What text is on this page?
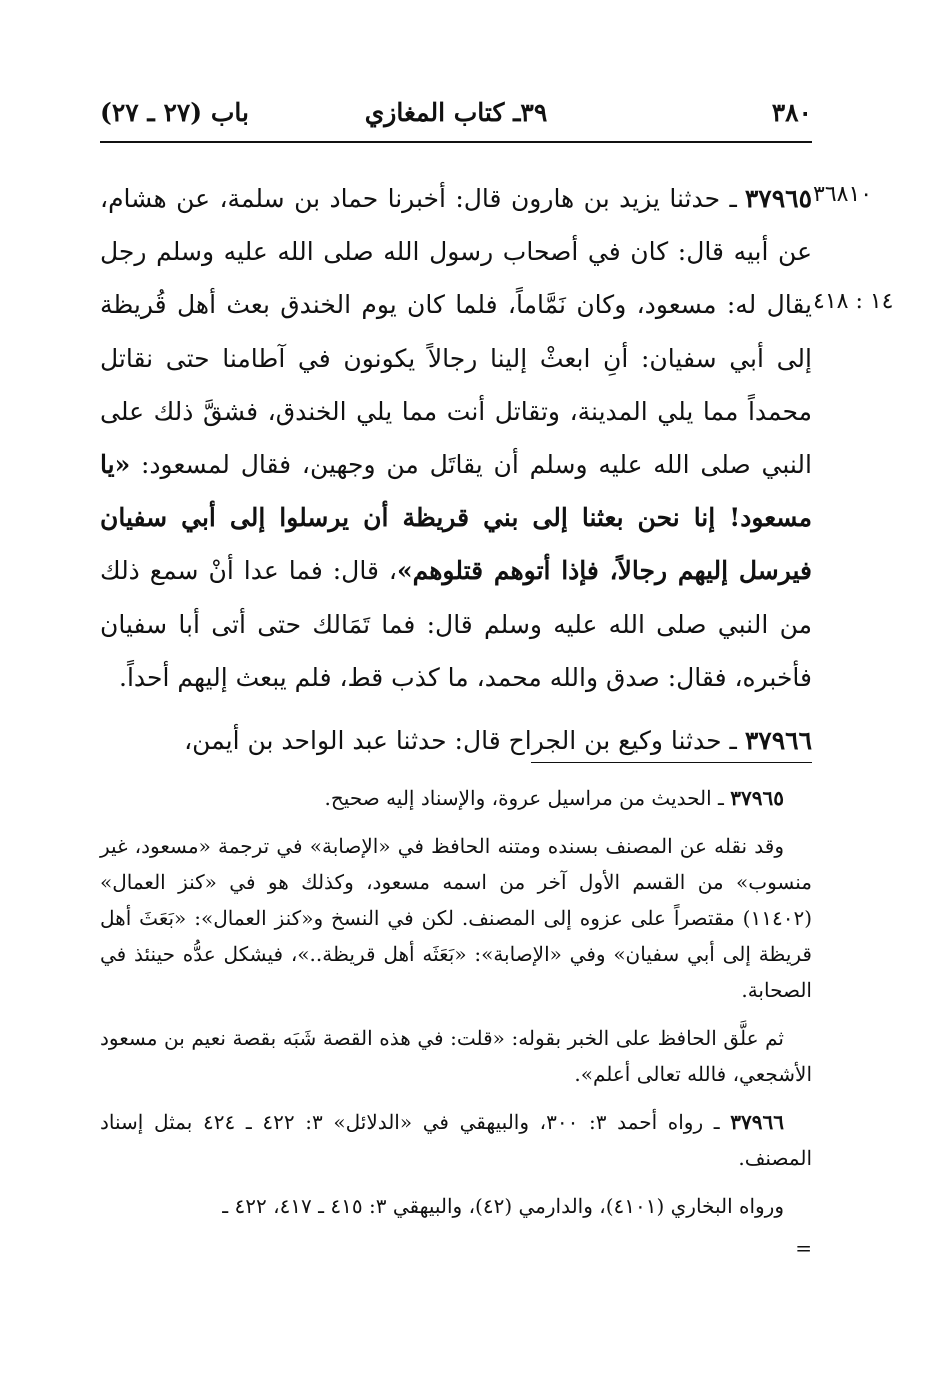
٣٨٠
٣٩ـ كتاب المغازي
باب (٢٧ ـ ٢٧)
٣٦٨١٠
١٤ : ٤١٨

٣٧٩٦٥ـ حدثنا يزيد بن هارون قال: أخبرنا حماد بن سلمة، عن هشام، عن أبيه قال: كان في أصحاب رسول الله صلى الله عليه وسلم رجل يقال له: مسعود، وكان نَمَّاماً، فلما كان يوم الخندق بعث أهل قُريظة إلى أبي سفيان: أنِ ابعثْ إلينا رجالاً يكونون في آطامنا حتى نقاتل محمداً مما يلي المدينة، وتقاتل أنت مما يلي الخندق، فشقَّ ذلك على النبي صلى الله عليه وسلم أن يقاتَل من وجهين، فقال لمسعود: «يا مسعود! إنا نحن بعثنا إلى بني قريظة أن يرسلوا إلى أبي سفيان فيرسل إليهم رجالاً، فإذا أتوهم قتلوهم»، قال: فما عدا أنْ سمع ذلك من النبي صلى الله عليه وسلم قال: فما تَمَالك حتى أتى أبا سفيان فأخبره، فقال: صدق والله محمد، ما كذب قط، فلم يبعث إليهم أحداً.

٣٧٩٦٦ـ حدثنا وكيع بن الجراح قال: حدثنا عبد الواحد بن أيمن،

٣٧٩٦٥ ـ الحديث من مراسيل عروة، والإسناد إليه صحيح.

وقد نقله عن المصنف بسنده ومتنه الحافظ في «الإصابة» في ترجمة «مسعود، غير منسوب» من القسم الأول آخر من اسمه مسعود، وكذلك هو في «كنز العمال» (١١٤٠٢) مقتصراً على عزوه إلى المصنف. لكن في النسخ و«كنز العمال»: «بَعَثَ أهل قريظة إلى أبي سفيان» وفي «الإصابة»: «بَعَثَه أهل قريظة..»، فيشكل عدُّه حينئذ في الصحابة.

ثم علَّق الحافظ على الخبر بقوله: «قلت: في هذه القصة شَبَه بقصة نعيم بن مسعود الأشجعي، فالله تعالى أعلم».

٣٧٩٦٦ ـ رواه أحمد ٣: ٣٠٠، والبيهقي في «الدلائل» ٣: ٤٢٢ ـ ٤٢٤ بمثل إسناد المصنف.

ورواه البخاري (٤١٠١)، والدارمي (٤٢)، والبيهقي ٣: ٤١٥ ـ ٤١٧، ٤٢٢ ـ

=
